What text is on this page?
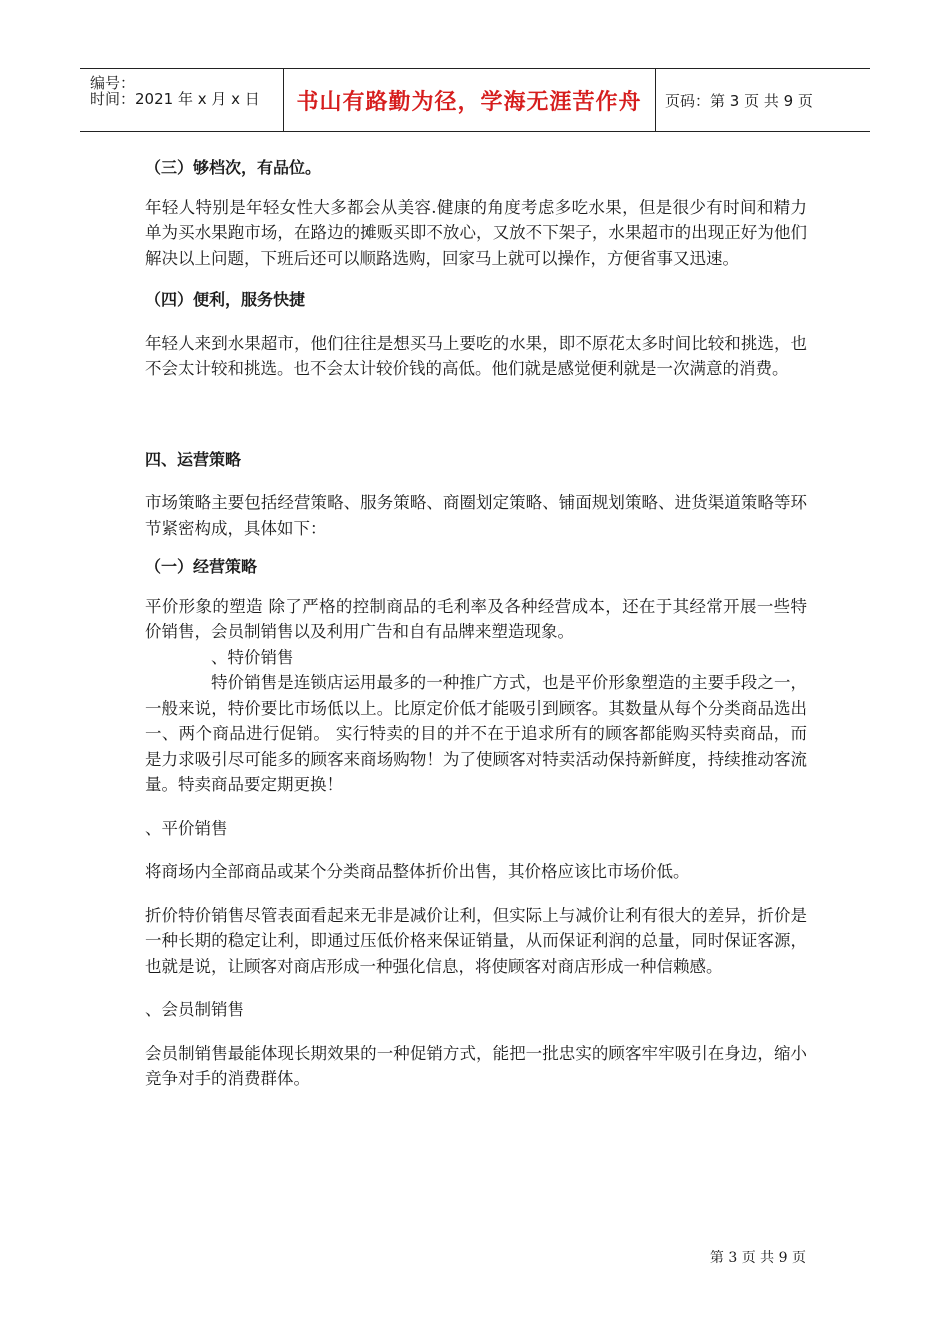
编号：
时间：2021 年 x 月 x 日	书山有路勤为径，学海无涯苦作舟	页码：第 3 页 共 9 页

（三）够档次，有品位。

年轻人特别是年轻女性大多都会从美容.健康的角度考虑多吃水果，但是很少有时间和精力单为买水果跑市场，在路边的摊贩买即不放心，又放不下架子，水果超市的出现正好为他们解决以上问题，下班后还可以顺路选购，回家马上就可以操作，方便省事又迅速。

（四）便利，服务快捷

年轻人来到水果超市，他们往往是想买马上要吃的水果，即不原花太多时间比较和挑选，也不会太计较和挑选。也不会太计较价钱的高低。他们就是感觉便利就是一次满意的消费。

四、运营策略

市场策略主要包括经营策略、服务策略、商圈划定策略、铺面规划策略、进货渠道策略等环节紧密构成，具体如下：

（一）经营策略

平价形象的塑造 除了严格的控制商品的毛利率及各种经营成本，还在于其经常开展一些特价销售，会员制销售以及利用广告和自有品牌来塑造现象。

、特价销售

特价销售是连锁店运用最多的一种推广方式，也是平价形象塑造的主要手段之一，一般来说，特价要比市场低以上。比原定价低才能吸引到顾客。其数量从每个分类商品选出一、两个商品进行促销。 实行特卖的目的并不在于追求所有的顾客都能购买特卖商品，而是力求吸引尽可能多的顾客来商场购物！为了使顾客对特卖活动保持新鲜度，持续推动客流量。特卖商品要定期更换！

、平价销售

将商场内全部商品或某个分类商品整体折价出售，其价格应该比市场价低。

折价特价销售尽管表面看起来无非是减价让利，但实际上与减价让利有很大的差异，折价是一种长期的稳定让利，即通过压低价格来保证销量，从而保证利润的总量，同时保证客源，也就是说，让顾客对商店形成一种强化信息，将使顾客对商店形成一种信赖感。

、会员制销售

会员制销售最能体现长期效果的一种促销方式，能把一批忠实的顾客牢牢吸引在身边，缩小竞争对手的消费群体。

第 3 页 共 9 页
